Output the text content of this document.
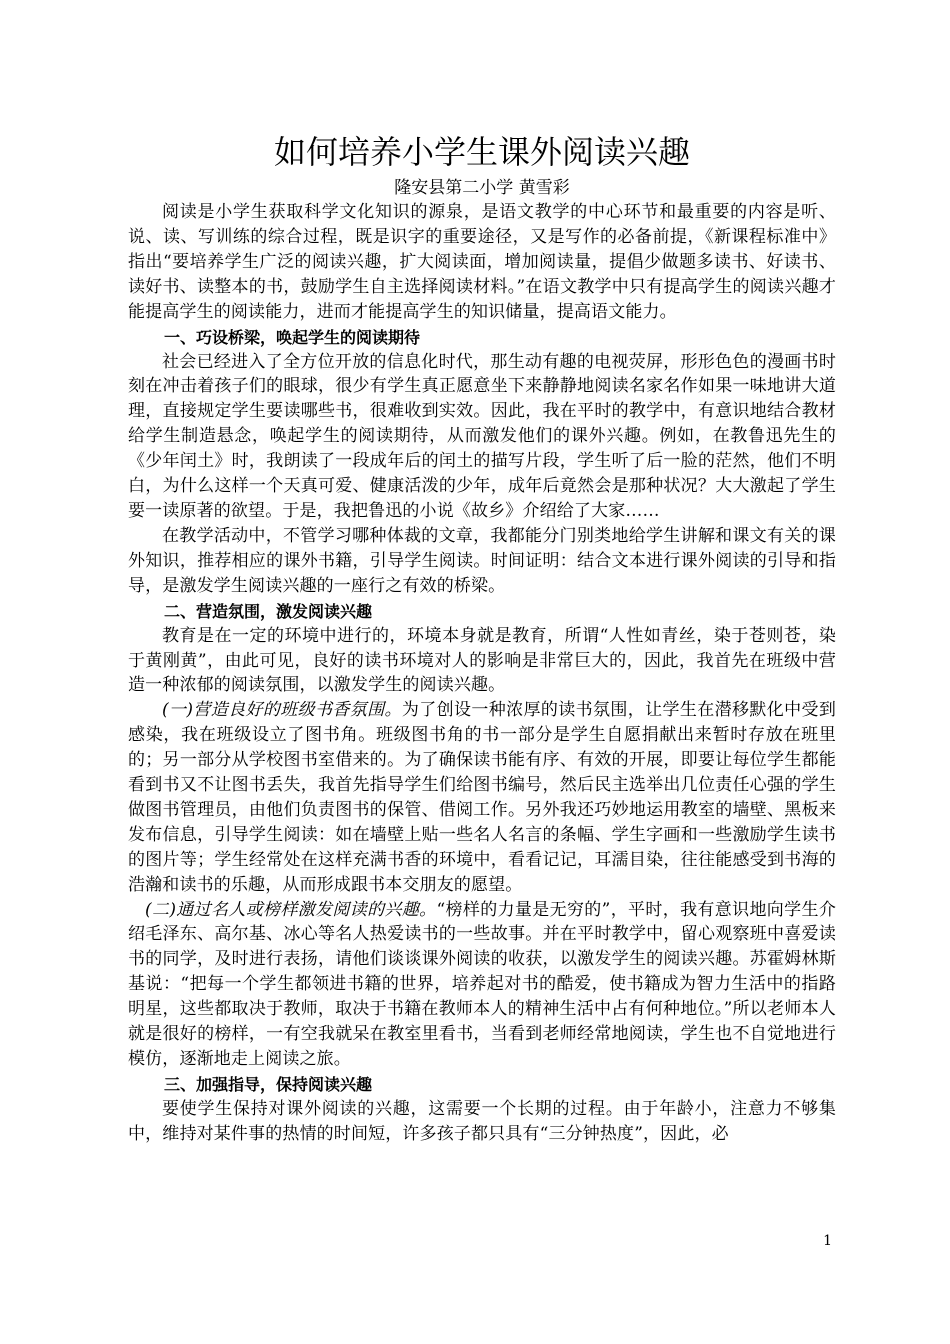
如何培养小学生课外阅读兴趣
隆安县第二小学 黄雪彩

阅读是小学生获取科学文化知识的源泉，是语文教学的中心环节和最重要的内容是听、说、读、写训练的综合过程，既是识字的重要途径，又是写作的必备前提，《新课程标准中》指出“要培养学生广泛的阅读兴趣，扩大阅读面，增加阅读量，提倡少做题多读书、好读书、读好书、读整本的书，鼓励学生自主选择阅读材料。”在语文教学中只有提高学生的阅读兴趣才能提高学生的阅读能力，进而才能提高学生的知识储量，提高语文能力。

一、巧设桥梁，唤起学生的阅读期待

社会已经进入了全方位开放的信息化时代，那生动有趣的电视荧屏，形形色色的漫画书时刻在冲击着孩子们的眼球，很少有学生真正愿意坐下来静静地阅读名家名作如果一味地讲大道理，直接规定学生要读哪些书，很难收到实效。因此，我在平时的教学中，有意识地结合教材给学生制造悬念，唤起学生的阅读期待，从而激发他们的课外兴趣。例如，在教鲁迅先生的《少年闰土》时，我朗读了一段成年后的闰土的描写片段，学生听了后一脸的茫然，他们不明白，为什么这样一个天真可爱、健康活泼的少年，成年后竟然会是那种状况？大大激起了学生要一读原著的欲望。于是，我把鲁迅的小说《故乡》介绍给了大家……

在教学活动中，不管学习哪种体裁的文章，我都能分门别类地给学生讲解和课文有关的课外知识，推荐相应的课外书籍，引导学生阅读。时间证明：结合文本进行课外阅读的引导和指导，是激发学生阅读兴趣的一座行之有效的桥梁。

二、营造氛围，激发阅读兴趣

教育是在一定的环境中进行的，环境本身就是教育，所谓“人性如青丝，染于苍则苍，染于黄刚黄”，由此可见，良好的读书环境对人的影响是非常巨大的，因此，我首先在班级中营造一种浓郁的阅读氛围，以激发学生的阅读兴趣。

(一)营造良好的班级书香氛围。为了创设一种浓厚的读书氛围，让学生在潜移默化中受到感染，我在班级设立了图书角。班级图书角的书一部分是学生自愿捐献出来暂时存放在班里的；另一部分从学校图书室借来的。为了确保读书能有序、有效的开展，即要让每位学生都能看到书又不让图书丢失，我首先指导学生们给图书编号，然后民主选举出几位责任心强的学生做图书管理员，由他们负责图书的保管、借阅工作。另外我还巧妙地运用教室的墙壁、黑板来发布信息，引导学生阅读：如在墙壁上贴一些名人名言的条幅、学生字画和一些激励学生读书的图片等；学生经常处在这样充满书香的环境中，看看记记，耳濡目染，往往能感受到书海的浩瀚和读书的乐趣，从而形成跟书本交朋友的愿望。

(二)通过名人或榜样激发阅读的兴趣。“榜样的力量是无穷的”，平时，我有意识地向学生介绍毛泽东、高尔基、冰心等名人热爱读书的一些故事。并在平时教学中，留心观察班中喜爱读书的同学，及时进行表扬，请他们谈谈课外阅读的收获，以激发学生的阅读兴趣。苏霍姆林斯基说：“把每一个学生都领进书籍的世界，培养起对书的酷爱，使书籍成为智力生活中的指路明星，这些都取决于教师，取决于书籍在教师本人的精神生活中占有何种地位。”所以老师本人就是很好的榜样，一有空我就呆在教室里看书，当看到老师经常地阅读，学生也不自觉地进行模仿，逐渐地走上阅读之旅。

三、加强指导，保持阅读兴趣

要使学生保持对课外阅读的兴趣，这需要一个长期的过程。由于年龄小，注意力不够集中，维持对某件事的热情的时间短，许多孩子都只具有“三分钟热度”，因此，必

1
